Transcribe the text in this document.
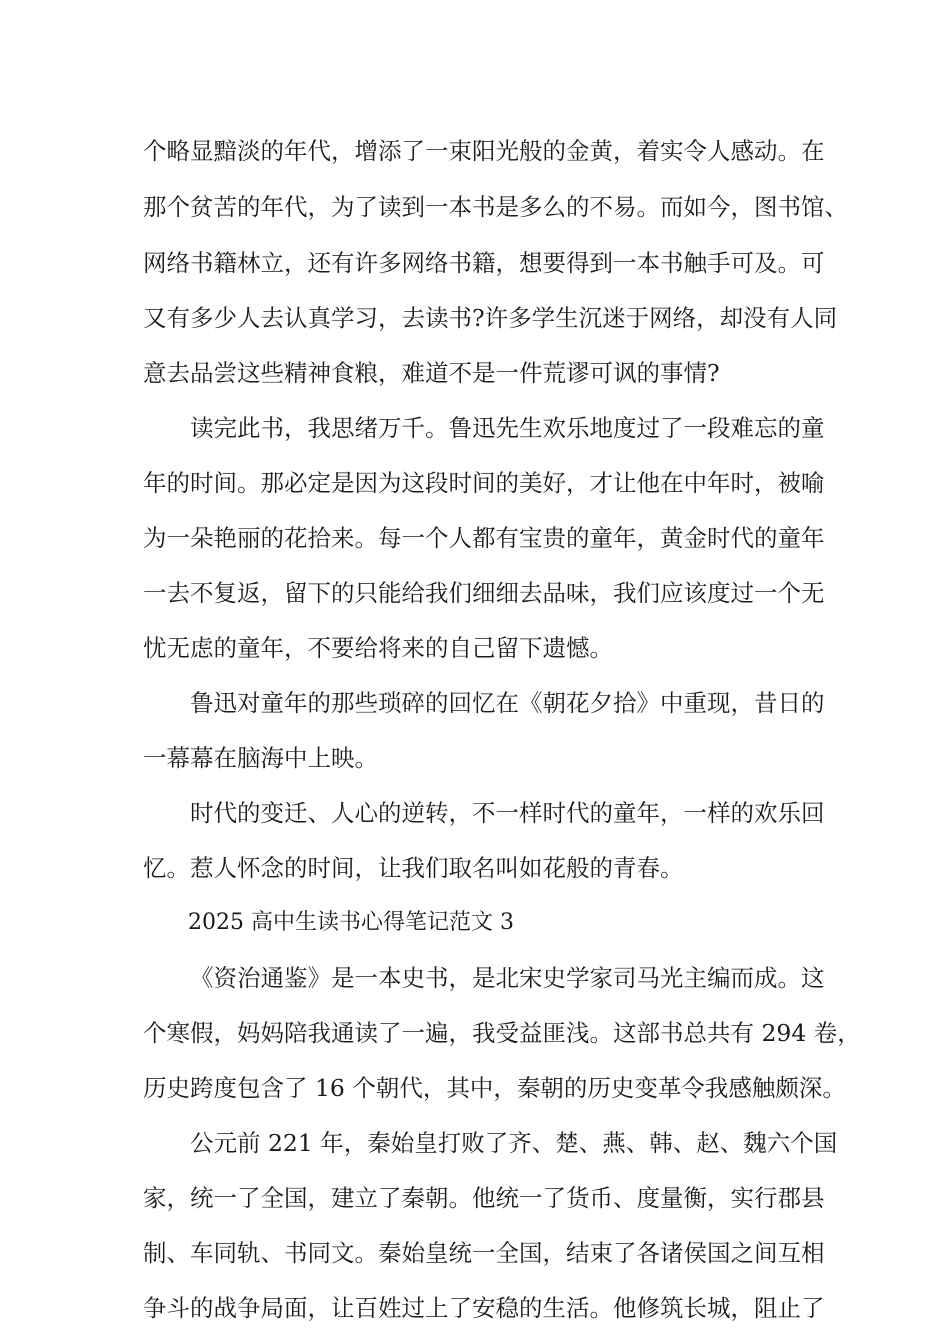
个略显黯淡的年代，增添了一束阳光般的金黄，着实令人感动。在
那个贫苦的年代，为了读到一本书是多么的不易。而如今，图书馆、
网络书籍林立，还有许多网络书籍，想要得到一本书触手可及。可
又有多少人去认真学习，去读书?许多学生沉迷于网络，却没有人同
意去品尝这些精神食粮，难道不是一件荒谬可讽的事情?
读完此书，我思绪万千。鲁迅先生欢乐地度过了一段难忘的童
年的时间。那必定是因为这段时间的美好，才让他在中年时，被喻
为一朵艳丽的花拾来。每一个人都有宝贵的童年，黄金时代的童年
一去不复返，留下的只能给我们细细去品味，我们应该度过一个无
忧无虑的童年，不要给将来的自己留下遗憾。
鲁迅对童年的那些琐碎的回忆在《朝花夕拾》中重现，昔日的
一幕幕在脑海中上映。
时代的变迁、人心的逆转，不一样时代的童年，一样的欢乐回
忆。惹人怀念的时间，让我们取名叫如花般的青春。
2025 高中生读书心得笔记范文 3
《资治通鉴》是一本史书，是北宋史学家司马光主编而成。这
个寒假，妈妈陪我通读了一遍，我受益匪浅。这部书总共有 294 卷，
历史跨度包含了 16 个朝代，其中，秦朝的历史变革令我感触颇深。
公元前 221 年，秦始皇打败了齐、楚、燕、韩、赵、魏六个国
家，统一了全国，建立了秦朝。他统一了货币、度量衡，实行郡县
制、车同轨、书同文。秦始皇统一全国，结束了各诸侯国之间互相
争斗的战争局面，让百姓过上了安稳的生活。他修筑长城，阻止了
